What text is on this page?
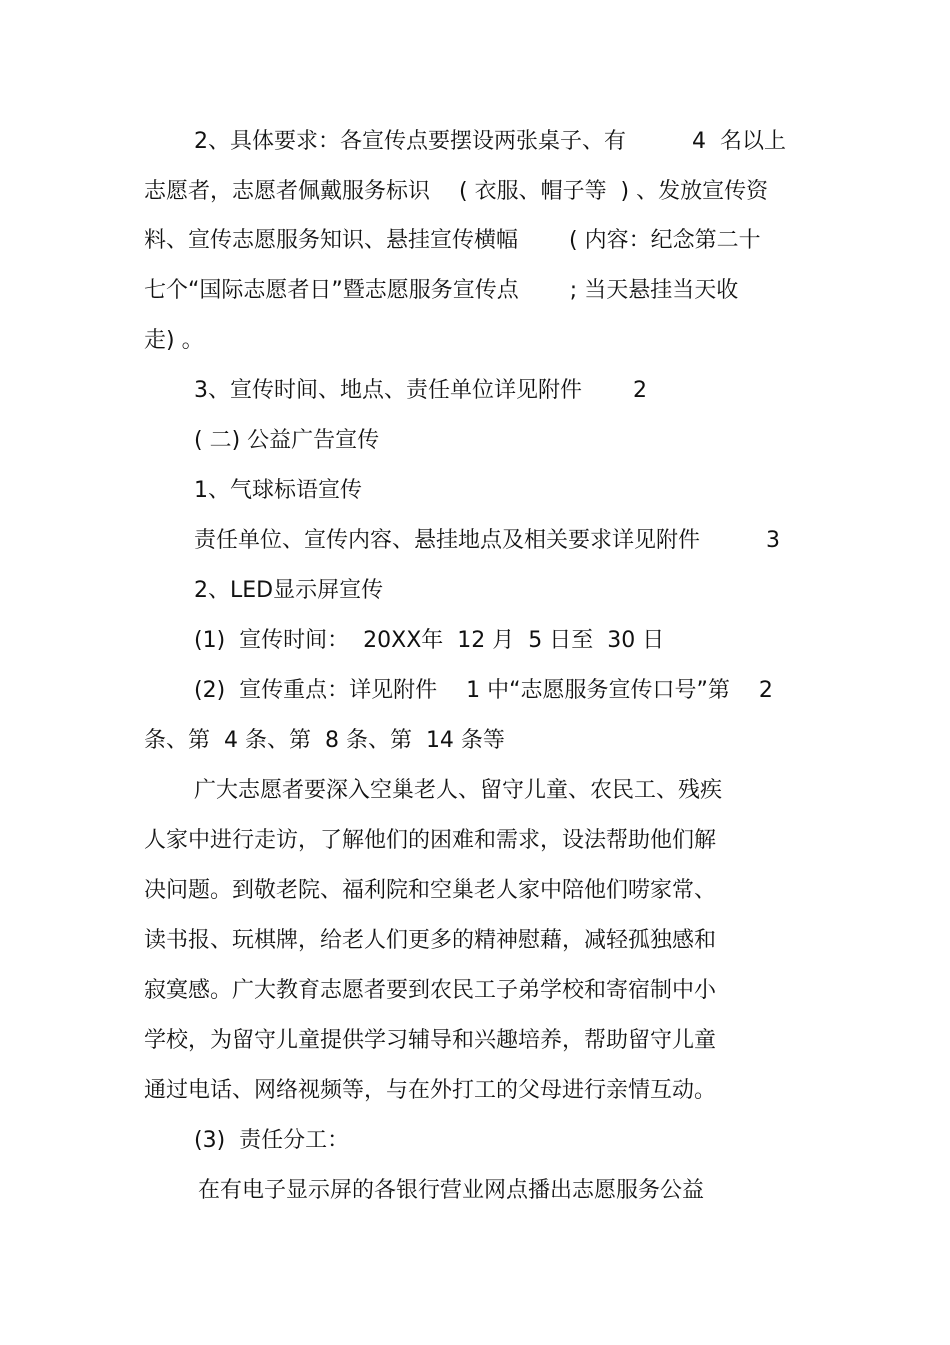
2、具体要求：各宣传点要摆设两张桌子、有　　　4  名以上
志愿者，志愿者佩戴服务标识　 ( 衣服、帽子等  ) 、发放宣传资
料、宣传志愿服务知识、悬挂宣传横幅　　 ( 内容：纪念第二十
七个“国际志愿者日”暨志愿服务宣传点　　 ; 当天悬挂当天收
走) 。
3、宣传时间、地点、责任单位详见附件　　 2
( 二) 公益广告宣传
1、气球标语宣传
责任单位、宣传内容、悬挂地点及相关要求详见附件　　　3
2、LED显示屏宣传
(1)  宣传时间：  20XX年  12 月  5 日至  30 日
(2)  宣传重点：详见附件　 1 中“志愿服务宣传口号”第　 2
条、第  4 条、第  8 条、第  14 条等
广大志愿者要深入空巢老人、留守儿童、农民工、残疾
人家中进行走访，了解他们的困难和需求，设法帮助他们解
决问题。到敬老院、福利院和空巢老人家中陪他们唠家常、
读书报、玩棋牌，给老人们更多的精神慰藉，减轻孤独感和
寂寞感。广大教育志愿者要到农民工子弟学校和寄宿制中小
学校，为留守儿童提供学习辅导和兴趣培养，帮助留守儿童
通过电话、网络视频等，与在外打工的父母进行亲情互动。
(3)  责任分工：
在有电子显示屏的各银行营业网点播出志愿服务公益
